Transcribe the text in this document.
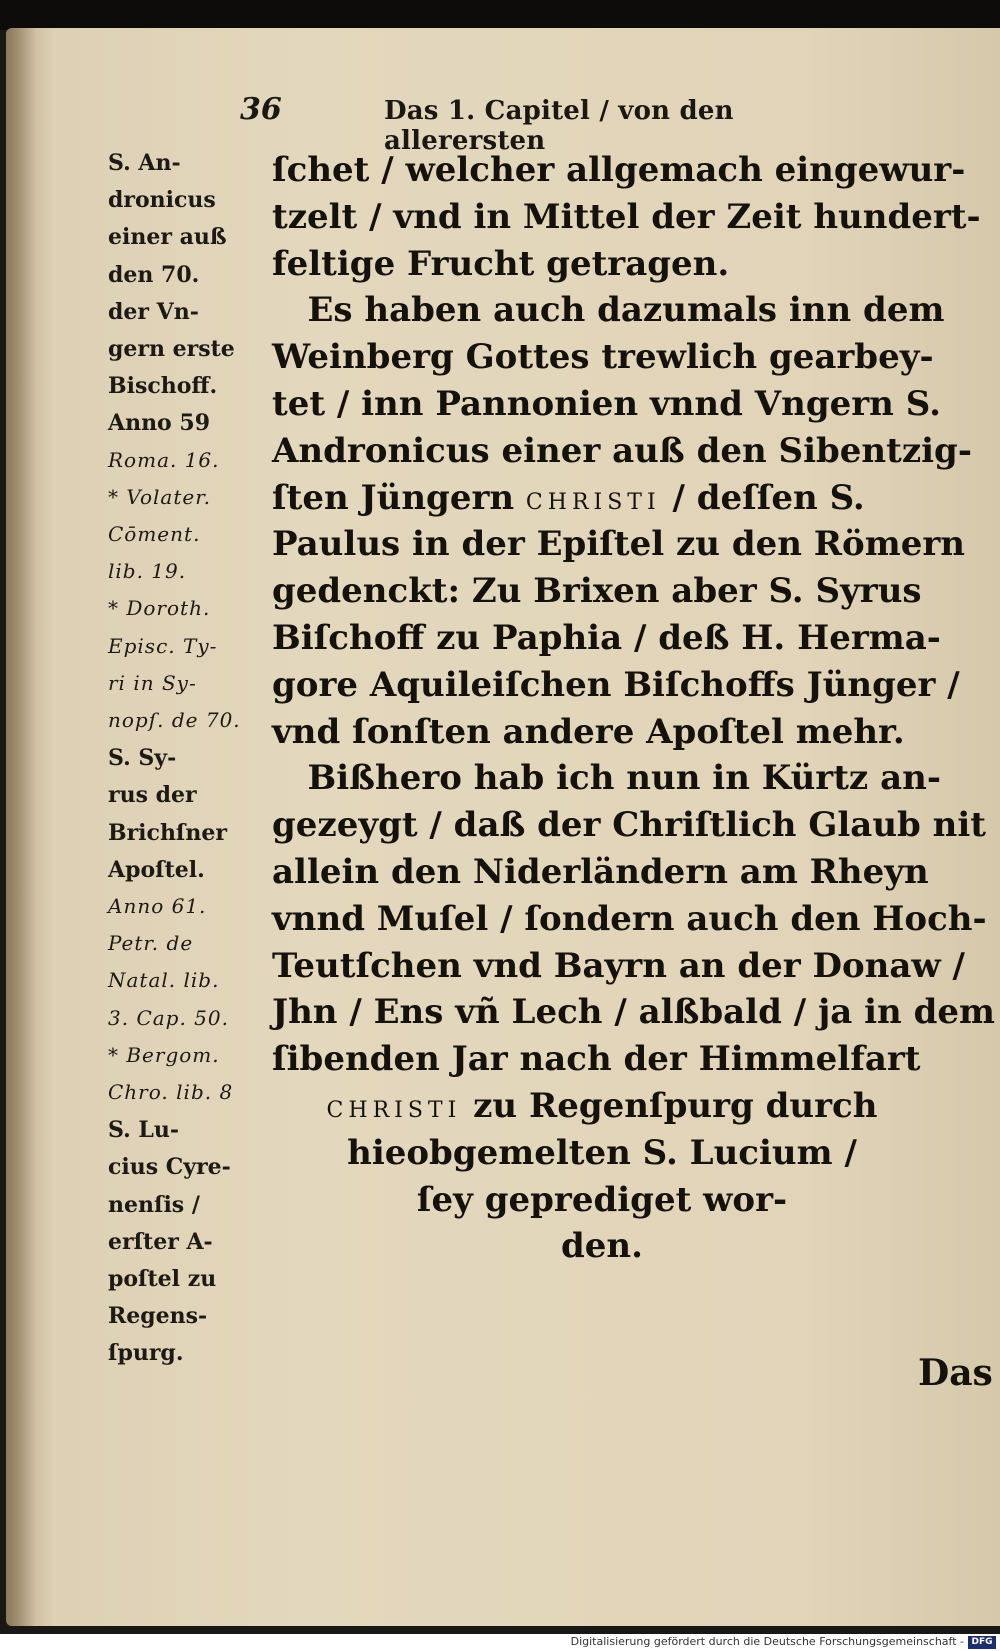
36	Das 1. Capitel / von den allerersten
S. An-
dronicus
einer auß
den 70.
der Vn-
gern erste
Bischoff.
Anno 59
Roma. 16.
* Volater.
Cōment.
lib. 19.
* Doroth.
Episc. Ty-
ri in Sy-
nopſ. de 70.
S. Sy-
rus der
Brichſner
Apoſtel.
Anno 61.
Petr. de
Natal. lib.
3. Cap. 50.
* Bergom.
Chro. lib. 8
S. Lu-
cius Cyre-
nenſis /
erſter A-
poſtel zu
Regens-
ſpurg.
ſchet / welcher allgemach eingewur-
tzelt / vnd in Mittel der Zeit hundert-
feltige Frucht getragen.
Es haben auch dazumals inn dem
Weinberg Gottes trewlich gearbey-
tet / inn Pannonien vnnd Vngern S.
Andronicus einer auß den Sibentzig-
ſten Jüngern CHRISTI / deſſen S.
Paulus in der Epiſtel zu den Römern
gedenckt: Zu Brixen aber S. Syrus
Biſchoff zu Paphia / deß H. Herma-
gore Aquileiſchen Biſchoffs Jünger /
vnd ſonſten andere Apoſtel mehr.
Bißhero hab ich nun in Kürtz an-
gezeygt / daß der Chriſtlich Glaub nit
allein den Niderländern am Rheyn
vnnd Muſel / ſondern auch den Hoch-
Teutſchen vnd Bayrn an der Donaw /
Jhn / Ens vñ Lech / alßbald / ja in dem
ſibenden Jar nach der Himmelfart
CHRISTI zu Regenſpurg durch
hieobgemelten S. Lucium /
ſey geprediget wor-
den.
Das
Digitalisierung gefördert durch die Deutsche Forschungsgemeinschaft - DFG
